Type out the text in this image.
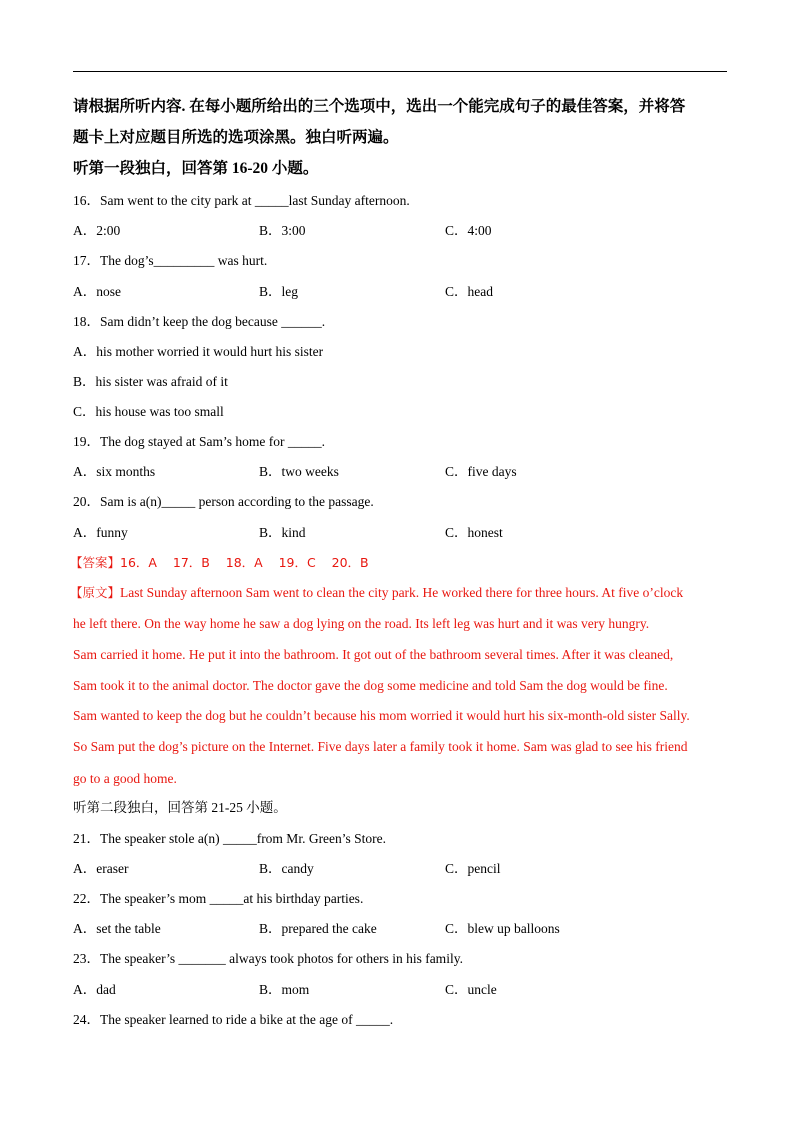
请根据所听内容. 在每小题所给出的三个选项中，选出一个能完成句子的最佳答案，并将答
题卡上对应题目所选的选项涂黑。独白听两遍。
听第一段独白，回答第 16-20 小题。
16．Sam went to the city park at _____last Sunday afternoon.
A．2:00	B．3:00	C．4:00
17．The dog’s_________ was hurt.
A．nose	B．leg	C．head
18．Sam didn’t keep the dog because ______.
A．his mother worried it would hurt his sister
B．his sister was afraid of it
C．his house was too small
19．The dog stayed at Sam’s home for _____.
A．six months	B．two weeks	C．five days
20．Sam is a(n)_____ person according to the passage.
A．funny	B．kind	C．honest
【答案】16．A    17．B    18．A    19．C    20．B
【原文】Last Sunday afternoon Sam went to clean the city park. He worked there for three hours. At five o’clock
he left there. On the way home he saw a dog lying on the road. Its left leg was hurt and it was very hungry.
Sam carried it home. He put it into the bathroom. It got out of the bathroom several times. After it was cleaned,
Sam took it to the animal doctor. The doctor gave the dog some medicine and told Sam the dog would be fine.
Sam wanted to keep the dog but he couldn’t because his mom worried it would hurt his six-month-old sister Sally.
So Sam put the dog’s picture on the Internet. Five days later a family took it home. Sam was glad to see his friend
go to a good home.
听第二段独白，回答第 21-25 小题。
21．The speaker stole a(n) _____from Mr. Green’s Store.
A．eraser	B．candy	C．pencil
22．The speaker’s mom _____at his birthday parties.
A．set the table	B．prepared the cake	C．blew up balloons
23．The speaker’s _______ always took photos for others in his family.
A．dad	B．mom	C．uncle
24．The speaker learned to ride a bike at the age of _____.
